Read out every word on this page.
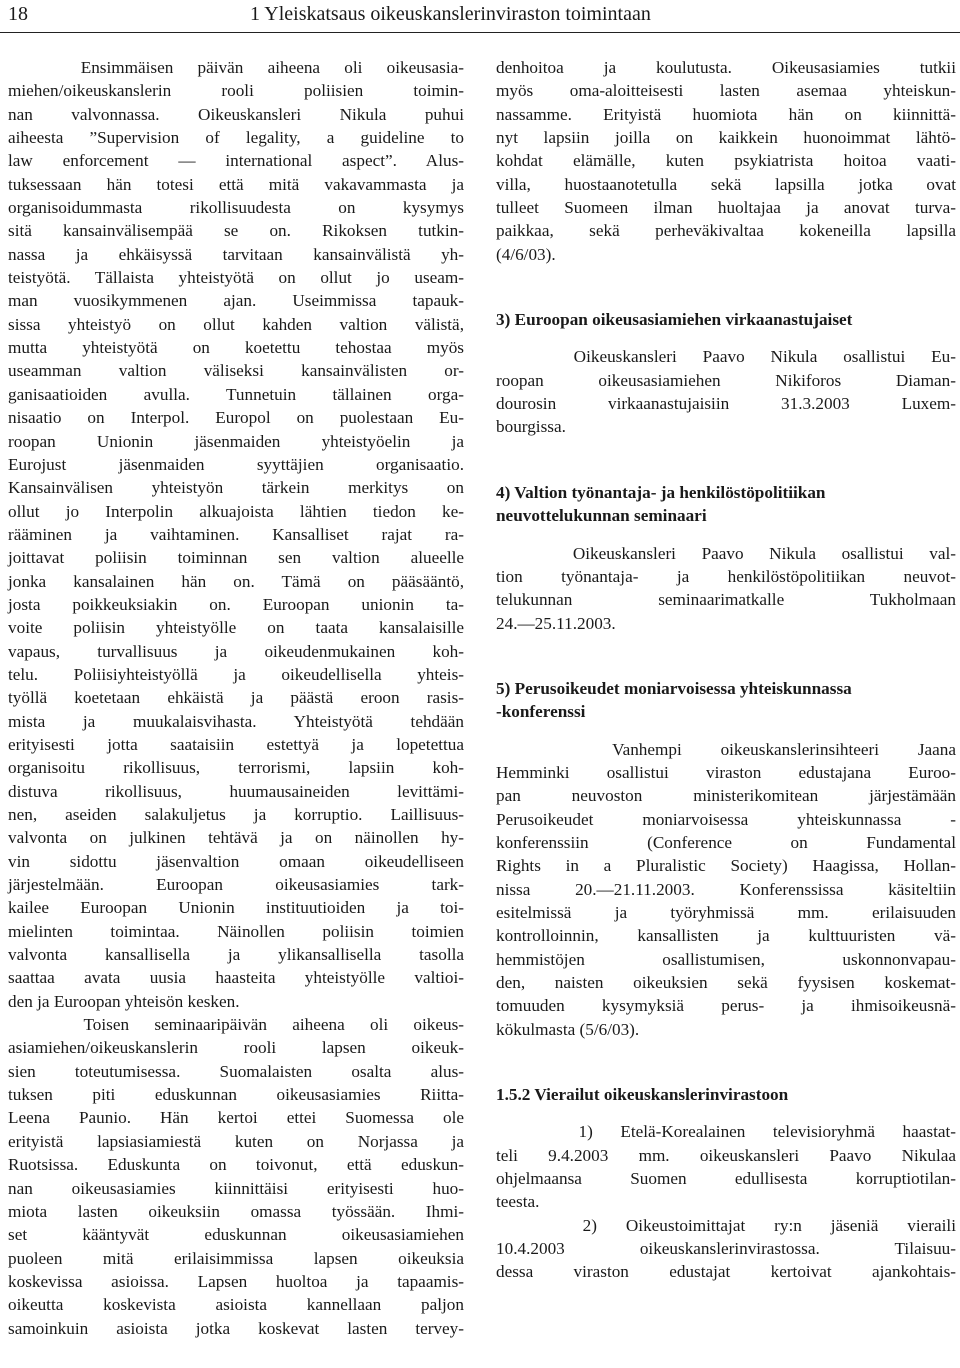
18	1 Yleiskatsaus oikeuskanslerinviraston toimintaan
Ensimmäisen päivän aiheena oli oikeusasia-
miehen/oikeuskanslerin rooli poliisien toimin-
nan valvonnassa. Oikeuskansleri Nikula puhui
aiheesta ”Supervision of legality, a guideline to
law enforcement — international aspect”. Alus-
tuksessaan hän totesi että mitä vakavammasta ja
organisoidummasta rikollisuudesta on kysymys
sitä kansainvälisempää se on. Rikoksen tutkin-
nassa ja ehkäisyssä tarvitaan kansainvälistä yh-
teistyötä. Tällaista yhteistyötä on ollut jo useam-
man vuosikymmenen ajan. Useimmissa tapauk-
sissa yhteistyö on ollut kahden valtion välistä,
mutta yhteistyötä on koetettu tehostaa myös
useamman valtion väliseksi kansainvälisten or-
ganisaatioiden avulla. Tunnetuin tällainen orga-
nisaatio on Interpol. Europol on puolestaan Eu-
roopan Unionin jäsenmaiden yhteistyöelin ja
Eurojust jäsenmaiden syyttäjien organisaatio.
Kansainvälisen yhteistyön tärkein merkitys on
ollut jo Interpolin alkuajoista lähtien tiedon ke-
rääminen ja vaihtaminen. Kansalliset rajat ra-
joittavat poliisin toiminnan sen valtion alueelle
jonka kansalainen hän on. Tämä on pääsääntö,
josta poikkeuksiakin on. Euroopan unionin ta-
voite poliisin yhteistyölle on taata kansalaisille
vapaus, turvallisuus ja oikeudenmukainen koh-
telu. Poliisiyhteistyöllä ja oikeudellisella yhteis-
työllä koetetaan ehkäistä ja päästä eroon rasis-
mista ja muukalaisvihasta. Yhteistyötä tehdään
erityisesti jotta saataisiin estettyä ja lopetettua
organisoitu rikollisuus, terrorismi, lapsiin koh-
distuva rikollisuus, huumausaineiden levittämi-
nen, aseiden salakuljetus ja korruptio. Laillisuus-
valvonta on julkinen tehtävä ja on näinollen hy-
vin sidottu jäsenvaltion omaan oikeudelliseen
järjestelmään. Euroopan oikeusasiamies tark-
kailee Euroopan Unionin instituutioiden ja toi-
mielinten toimintaa. Näinollen poliisin toimien
valvonta kansallisella ja ylikansallisella tasolla
saattaa avata uusia haasteita yhteistyölle valtioi-
den ja Euroopan yhteisön kesken.
Toisen seminaaripäivän aiheena oli oikeus-
asiamiehen/oikeuskanslerin rooli lapsen oikeuk-
sien toteutumisessa. Suomalaisten osalta alus-
tuksen piti eduskunnan oikeusasiamies Riitta-
Leena Paunio. Hän kertoi ettei Suomessa ole
erityistä lapsiasiamiestä kuten on Norjassa ja
Ruotsissa. Eduskunta on toivonut, että eduskun-
nan oikeusasiamies kiinnittäisi erityisesti huo-
miota lasten oikeuksiin omassa työssään. Ihmi-
set kääntyvät eduskunnan oikeusasiamiehen
puoleen mitä erilaisimmissa lapsen oikeuksia
koskevissa asioissa. Lapsen huoltoa ja tapaamis-
oikeutta koskevista asioista kannellaan paljon
samoinkuin asioista jotka koskevat lasten tervey-
denhoitoa ja koulutusta. Oikeusasiamies tutkii
myös oma-aloitteisesti lasten asemaa yhteiskun-
nassamme. Erityistä huomiota hän on kiinnittä-
nyt lapsiin joilla on kaikkein huonoimmat lähtö-
kohdat elämälle, kuten psykiatrista hoitoa vaati-
villa, huostaanotetulla sekä lapsilla jotka ovat
tulleet Suomeen ilman huoltajaa ja anovat turva-
paikkaa, sekä perheväkivaltaa kokeneilla lapsilla
(4/6/03).
3) Euroopan oikeusasiamiehen virkaanastujaiset
Oikeuskansleri Paavo Nikula osallistui Eu-
roopan oikeusasiamiehen Nikiforos Diaman-
dourosin virkaanastujaisiin 31.3.2003 Luxem-
bourgissa.
4) Valtion työnantaja- ja henkilöstöpolitiikan
neuvottelukunnan seminaari
Oikeuskansleri Paavo Nikula osallistui val-
tion työnantaja- ja henkilöstöpolitiikan neuvot-
telukunnan seminaarimatkalle Tukholmaan
24.—25.11.2003.
5) Perusoikeudet moniarvoisessa yhteiskunnassa
-konferenssi
Vanhempi oikeuskanslerinsihteeri Jaana
Hemminki osallistui viraston edustajana Euroo-
pan neuvoston ministerikomitean järjestämään
Perusoikeudet moniarvoisessa yhteiskunnassa -
konferenssiin (Conference on Fundamental
Rights in a Pluralistic Society) Haagissa, Hollan-
nissa 20.—21.11.2003. Konferenssissa käsiteltiin
esitelmissä ja työryhmissä mm. erilaisuuden
kontrolloinnin, kansallisten ja kulttuuristen vä-
hemmistöjen osallistumisen, uskonnonvapau-
den, naisten oikeuksien sekä fyysisen koskemat-
tomuuden kysymyksiä perus- ja ihmisoikeusnä-
kökulmasta (5/6/03).
1.5.2 Vierailut oikeuskanslerinvirastoon
1) Etelä-Korealainen televisioryhmä haastat-
teli 9.4.2003 mm. oikeuskansleri Paavo Nikulaa
ohjelmaansa Suomen edullisesta korruptiotilan-
teesta.
2) Oikeustoimittajat ry:n jäseniä vieraili
10.4.2003 oikeuskanslerinvirastossa. Tilaisuu-
dessa viraston edustajat kertoivat ajankohtais-
